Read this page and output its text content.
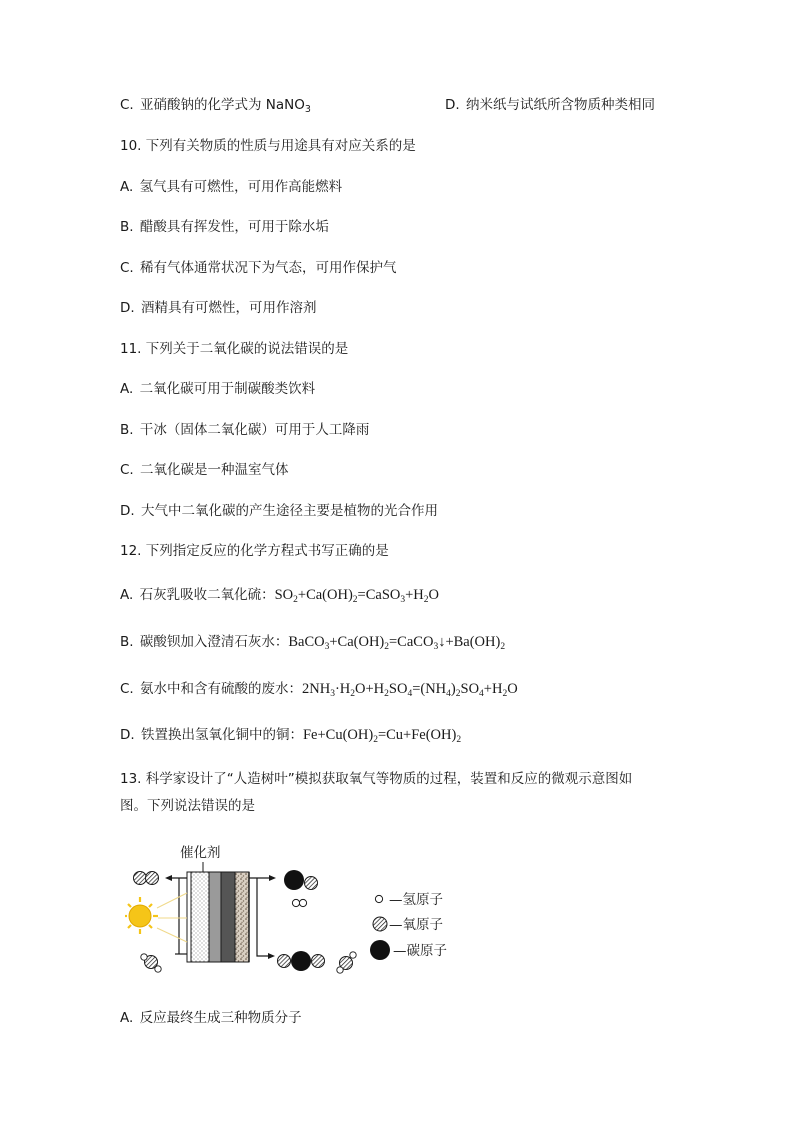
C. 亚硝酸钠的化学式为 NaNO$_3$	D. 纳米纸与试纸所含物质种类相同
10. 下列有关物质的性质与用途具有对应关系的是
A. 氢气具有可燃性，可用作高能燃料
B. 醋酸具有挥发性，可用于除水垢
C. 稀有气体通常状况下为气态，可用作保护气
D. 酒精具有可燃性，可用作溶剂
11. 下列关于二氧化碳的说法错误的是
A. 二氧化碳可用于制碳酸类饮料
B. 干冰（固体二氧化碳）可用于人工降雨
C. 二氧化碳是一种温室气体
D. 大气中二氧化碳的产生途径主要是植物的光合作用
12. 下列指定反应的化学方程式书写正确的是
A. 石灰乳吸收二氧化硫：$SO_2+Ca(OH)_2=CaSO_3+H_2O$
B. 碳酸钡加入澄清石灰水：$BaCO_3+Ca(OH)_2=CaCO_3↓+Ba(OH)_2$
C. 氨水中和含有硫酸的废水：$2NH_3\cdot H_2O+H_2SO_4=(NH_4)_2SO_4+H_2O$
D. 铁置换出氢氧化铜中的铜：$Fe+Cu(OH)_2=Cu+Fe(OH)_2$
13. 科学家设计了“人造树叶”模拟获取氧气等物质的过程，装置和反应的微观示意图如
图。下列说法错误的是
催化剂
—氢原子
—氧原子
—碳原子
A. 反应最终生成三种物质分子
